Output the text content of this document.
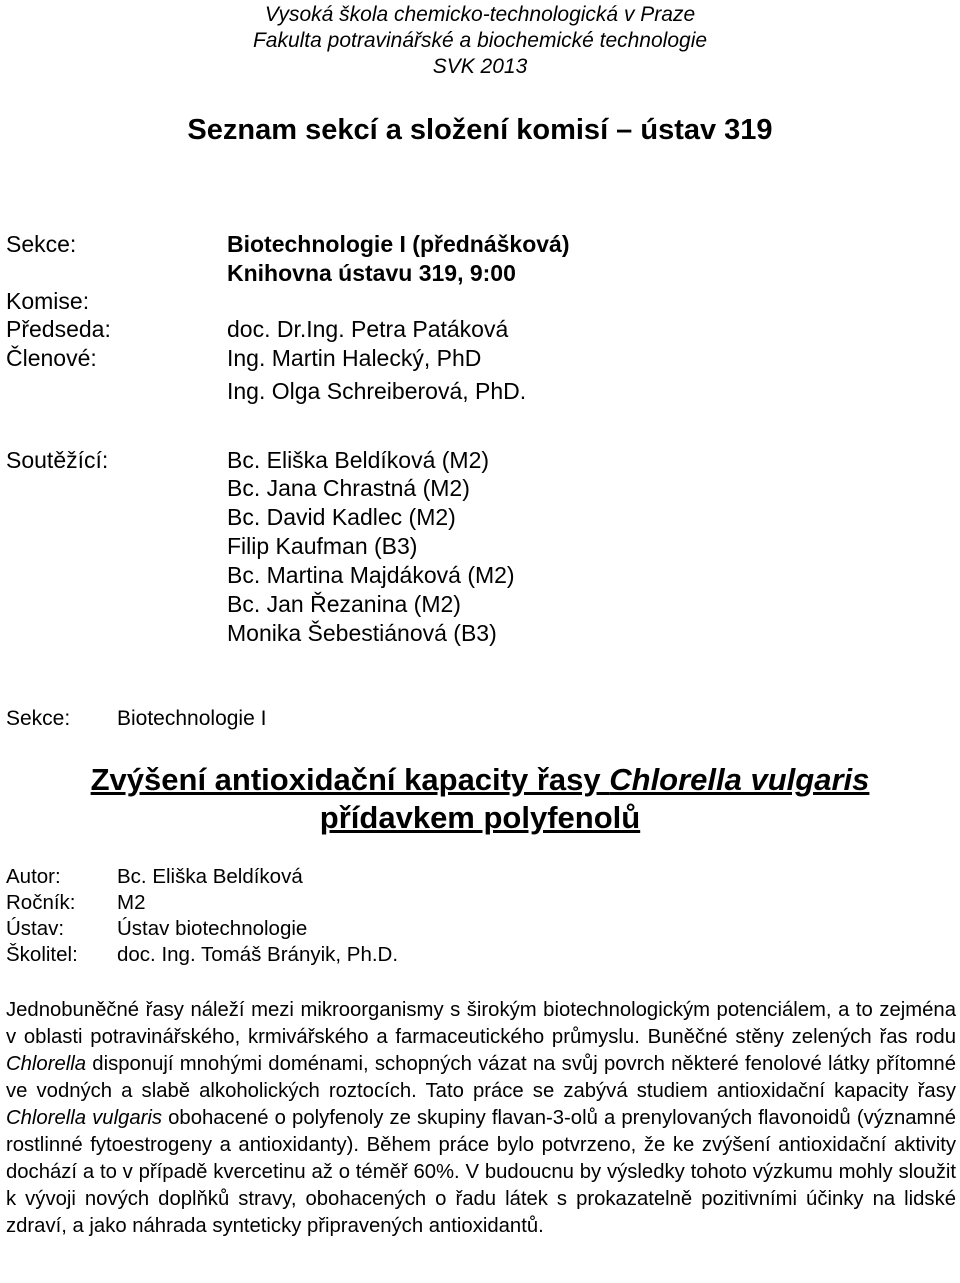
Vysoká škola chemicko-technologická v Praze
Fakulta potravinářské a biochemické technologie
SVK 2013
Seznam sekcí a složení komisí – ústav 319
Sekce:	Biotechnologie I (přednášková)
Knihovna ústavu 319, 9:00
Komise:
Předseda:	doc. Dr.Ing. Petra Patáková
Členové:	Ing. Martin Halecký, PhD
Ing. Olga Schreiberová, PhD.
Soutěžící:	Bc. Eliška Beldíková (M2)
Bc. Jana Chrastná (M2)
Bc. David Kadlec (M2)
Filip Kaufman (B3)
Bc. Martina Majdáková (M2)
Bc. Jan Řezanina (M2)
Monika Šebestiánová (B3)
Sekce: Biotechnologie I
Zvýšení antioxidační kapacity řasy Chlorella vulgaris
přídavkem polyfenolů
Autor:	Bc. Eliška Beldíková
Ročník: M2
Ústav:	Ústav biotechnologie
Školitel: doc. Ing. Tomáš Brányik, Ph.D.
Jednobuněčné řasy náleží mezi mikroorganismy s širokým biotechnologickým potenciálem, a to zejména v oblasti potravinářského, krmivářského a farmaceutického průmyslu. Buněčné stěny zelených řas rodu Chlorella disponují mnohými doménami, schopných vázat na svůj povrch některé fenolové látky přítomné ve vodných a slabě alkoholických roztocích. Tato práce se zabývá studiem antioxidační kapacity řasy Chlorella vulgaris obohacené o polyfenoly ze skupiny flavan-3-olů a prenylovaných flavonoidů (významné rostlinné fytoestrogeny a antioxidanty). Během práce bylo potvrzeno, že ke zvýšení antioxidační aktivity dochází a to v případě kvercetinu až o téměř 60%. V budoucnu by výsledky tohoto výzkumu mohly sloužit k vývoji nových doplňků stravy, obohacených o řadu látek s prokazatelně pozitivními účinky na lidské zdraví, a jako náhrada synteticky připravených antioxidantů.
